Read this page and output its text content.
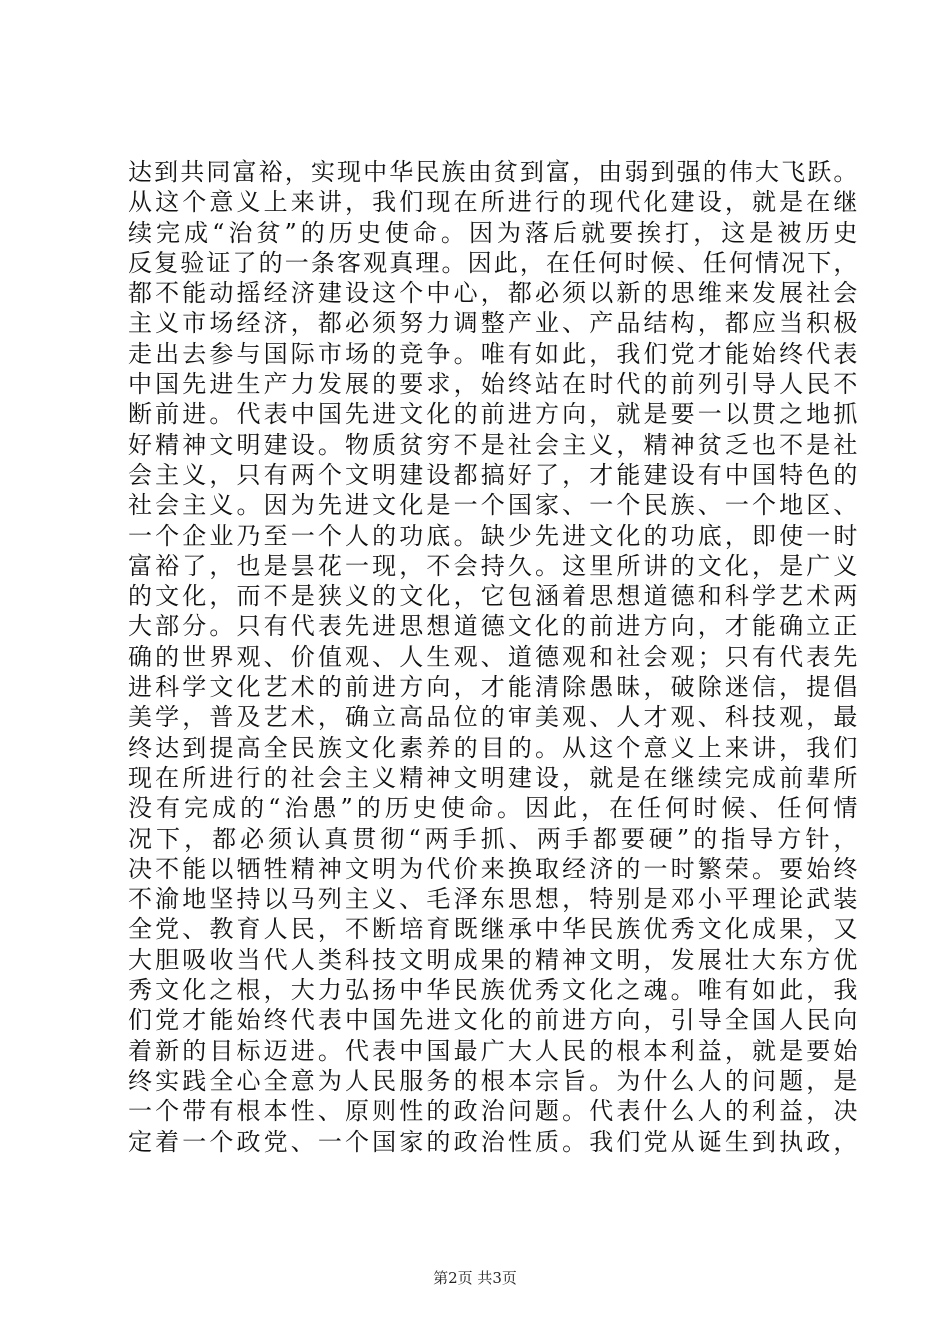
达到共同富裕，实现中华民族由贫到富，由弱到强的伟大飞跃。
从这个意义上来讲，我们现在所进行的现代化建设，就是在继
续完成“治贫”的历史使命。因为落后就要挨打，这是被历史
反复验证了的一条客观真理。因此，在任何时候、任何情况下，
都不能动摇经济建设这个中心，都必须以新的思维来发展社会
主义市场经济，都必须努力调整产业、产品结构，都应当积极
走出去参与国际市场的竞争。唯有如此，我们党才能始终代表
中国先进生产力发展的要求，始终站在时代的前列引导人民不
断前进。代表中国先进文化的前进方向，就是要一以贯之地抓
好精神文明建设。物质贫穷不是社会主义，精神贫乏也不是社
会主义，只有两个文明建设都搞好了，才能建设有中国特色的
社会主义。因为先进文化是一个国家、一个民族、一个地区、
一个企业乃至一个人的功底。缺少先进文化的功底，即使一时
富裕了，也是昙花一现，不会持久。这里所讲的文化，是广义
的文化，而不是狭义的文化，它包涵着思想道德和科学艺术两
大部分。只有代表先进思想道德文化的前进方向，才能确立正
确的世界观、价值观、人生观、道德观和社会观；只有代表先
进科学文化艺术的前进方向，才能清除愚昧，破除迷信，提倡
美学，普及艺术，确立高品位的审美观、人才观、科技观，最
终达到提高全民族文化素养的目的。从这个意义上来讲，我们
现在所进行的社会主义精神文明建设，就是在继续完成前辈所
没有完成的“治愚”的历史使命。因此，在任何时候、任何情
况下，都必须认真贯彻“两手抓、两手都要硬”的指导方针，
决不能以牺牲精神文明为代价来换取经济的一时繁荣。要始终
不渝地坚持以马列主义、毛泽东思想，特别是邓小平理论武装
全党、教育人民，不断培育既继承中华民族优秀文化成果，又
大胆吸收当代人类科技文明成果的精神文明，发展壮大东方优
秀文化之根，大力弘扬中华民族优秀文化之魂。唯有如此，我
们党才能始终代表中国先进文化的前进方向，引导全国人民向
着新的目标迈进。代表中国最广大人民的根本利益，就是要始
终实践全心全意为人民服务的根本宗旨。为什么人的问题，是
一个带有根本性、原则性的政治问题。代表什么人的利益，决
定着一个政党、一个国家的政治性质。我们党从诞生到执政，
第2页 共3页
